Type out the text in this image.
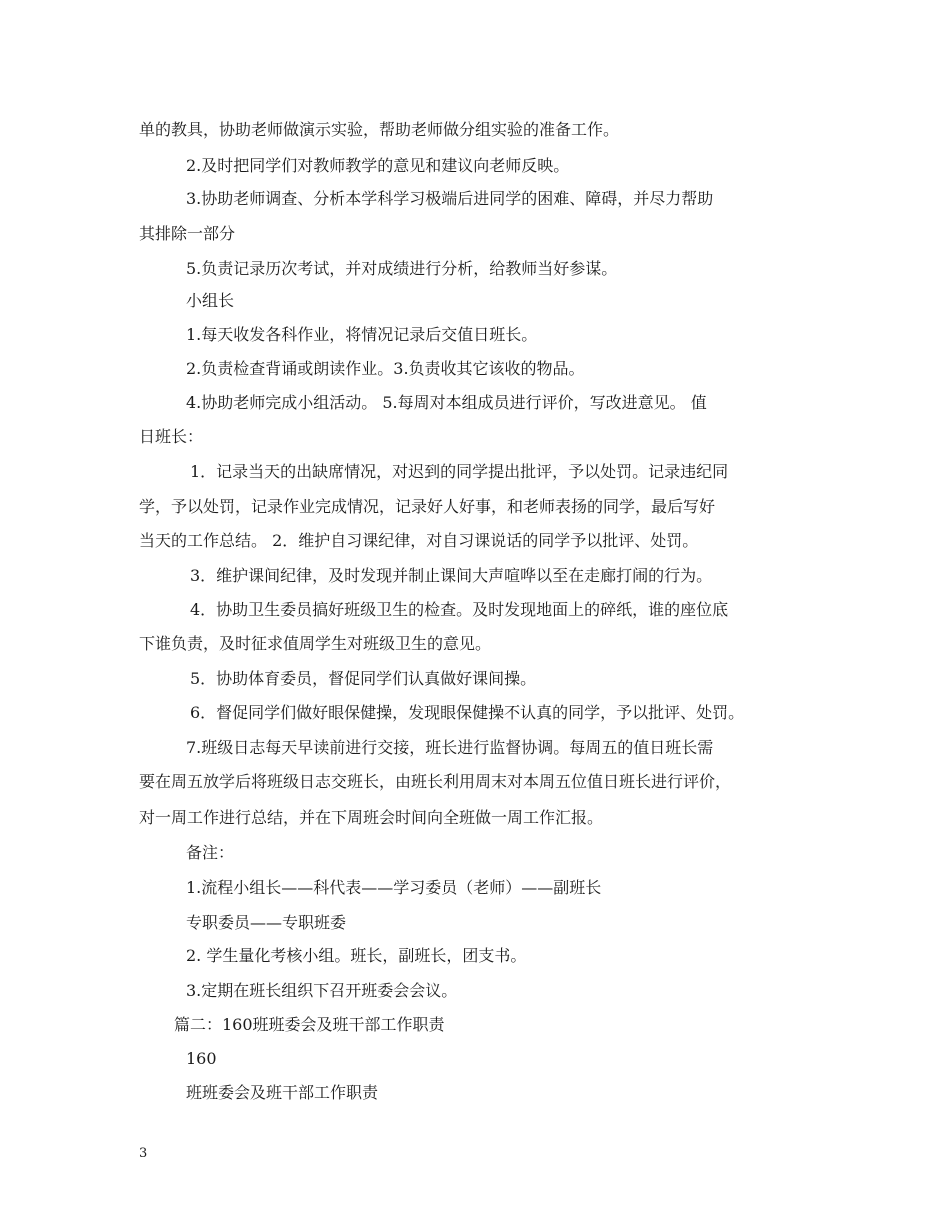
单的教具，协助老师做演示实验，帮助老师做分组实验的准备工作。
2.及时把同学们对教师教学的意见和建议向老师反映。
3.协助老师调查、分析本学科学习极端后进同学的困难、障碍，并尽力帮助
其排除一部分
5.负责记录历次考试，并对成绩进行分析，给教师当好参谋。
小组长
1.每天收发各科作业，将情况记录后交值日班长。
2.负责检查背诵或朗读作业。3.负责收其它该收的物品。
4.协助老师完成小组活动。 5.每周对本组成员进行评价，写改进意见。 值
日班长：
1．记录当天的出缺席情况，对迟到的同学提出批评，予以处罚。记录违纪同
学，予以处罚，记录作业完成情况，记录好人好事，和老师表扬的同学，最后写好
当天的工作总结。 2．维护自习课纪律，对自习课说话的同学予以批评、处罚。
3．维护课间纪律，及时发现并制止课间大声喧哗以至在走廊打闹的行为。
4．协助卫生委员搞好班级卫生的检查。及时发现地面上的碎纸，谁的座位底
下谁负责，及时征求值周学生对班级卫生的意见。
5．协助体育委员，督促同学们认真做好课间操。
6．督促同学们做好眼保健操，发现眼保健操不认真的同学，予以批评、处罚。
7.班级日志每天早读前进行交接，班长进行监督协调。每周五的值日班长需
要在周五放学后将班级日志交班长，由班长利用周末对本周五位值日班长进行评价，
对一周工作进行总结，并在下周班会时间向全班做一周工作汇报。
备注：
1.流程小组长——科代表——学习委员（老师）——副班长
专职委员——专职班委
2. 学生量化考核小组。班长，副班长，团支书。
3.定期在班长组织下召开班委会会议。
篇二：160班班委会及班干部工作职责
160
班班委会及班干部工作职责
3
